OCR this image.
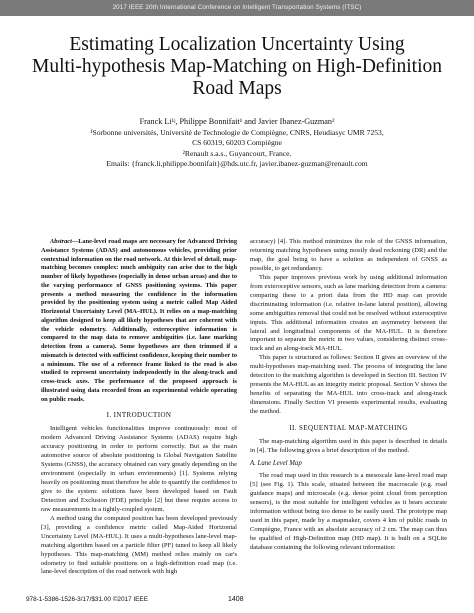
2017 IEEE 20th International Conference on Intelligent Transportation Systems (ITSC)
Estimating Localization Uncertainty Using
Multi-hypothesis Map-Matching on High-Definition
Road Maps
Franck Li¹ʲ, Philippe Bonnifait¹ and Javier Ibanez-Guzman²
¹Sorbonne universités, Université de Technologie de Compiègne, CNRS, Heudiasyc UMR 7253,
CS 60319, 60203 Compiègne
²Renault s.a.s., Guyancourt, France.
Emails: {franck.li,philippe.bonnifait}@hds.utc.fr, javier.ibanez-guzman@renault.com

Abstract—Lane-level road maps are necessary for Advanced Driving Assistance Systems (ADAS) and autonomous vehicles, providing prior contextual information on the road network. At this level of detail, map-matching becomes complex: much ambiguity can arise due to the high number of likely hypotheses (especially in dense urban areas) and due to the varying performance of GNSS positioning systems. This paper presents a method measuring the confidence in the information provided by the positioning system using a metric called Map Aided Horizontal Uncertainty Level (MA–HUL). It relies on a map-matching algorithm designed to keep all likely hypotheses that are coherent with the vehicle odometry. Additionally, exteroceptive information is compared to the map data to remove ambiguities (i.e. lane marking detection from a camera). Some hypotheses are then trimmed if a mismatch is detected with sufficient confidence, keeping their number to a minimum. The use of a reference frame linked to the road is also studied to represent uncertainty independently in the along-track and cross-track axes. The performance of the proposed approach is illustrated using data recorded from an experimental vehicle operating on public roads.

I. INTRODUCTION

Intelligent vehicles functionalities improve continuously: most of modern Advanced Driving Assistance Systems (ADAS) require high accuracy positioning in order to perform correctly. But as the main automotive source of absolute positioning is Global Navigation Satellite Systems (GNSS), the accuracy obtained can vary greatly depending on the environment (especially in urban environments) [1]. Systems relying heavily on positioning must therefore be able to quantify the confidence to give to the system: solutions have been developed based on Fault Detection and Exclusion (FDE) principle [2] but these require access to raw measurements in a tightly-coupled system.

A method using the computed position has been developed previously [3], providing a confidence metric called Map-Aided Horizontal Uncertainty Level (MA-HUL). It uses a multi-hypotheses lane-level map-matching algorithm based on a particle filter (PF) tuned to keep all likely hypotheses. This map-matching (MM) method relies mainly on car's odometry to find suitable positions on a high-definition road map (i.e. lane-level description of the road network with high

accuracy) [4]. This method minimizes the role of the GNSS information, returning matching hypotheses using mostly dead reckoning (DR) and the map, the goal being to have a solution as independent of GNSS as possible, to get redundancy.

This paper improves previous work by using additional information from exteroceptive sensors, such as lane marking detection from a camera: comparing these to a priori data from the HD map can provide discriminating information (i.e. relative in-lane lateral position), allowing some ambiguities removal that could not be resolved without exteroceptive inputs. This additional information creates an asymmetry between the lateral and longitudinal components of the MA-HUL. It is therefore important to separate the metric in two values, considering distinct cross-track and an along-track MA-HUL.

This paper is structured as follows: Section II gives an overview of the multi-hypotheses map-matching used. The process of integrating the lane detection to the matching algorithm is developed in Section III. Section IV presents the MA-HUL as an integrity metric proposal. Section V shows the benefits of separating the MA-HUL into cross-track and along-track dimensions. Finally Section VI presents experimental results, evaluating the method.

II. SEQUENTIAL MAP-MATCHING

The map-matching algorithm used in this paper is described in details in [4]. The following gives a brief description of the method.

A. Lane Level Map

The road map used in this research is a mesoscale lane-level road map [5] (see Fig. 1). This scale, situated between the macroscale (e.g. road guidance maps) and microscale (e.g. dense point cloud from perception sensors), is the most suitable for intelligent vehicles as it bears accurate information without being too dense to be easily used. The prototype map used in this paper, made by a mapmaker, covers 4 km of public roads in Compiègne, France with an absolute accuracy of 2 cm. The map can thus be qualified of High-Definition map (HD map). It is built on a SQLite database containing the following relevant information:

978-1-5386-1526-3/17/$31.00 ©2017 IEEE	1408
